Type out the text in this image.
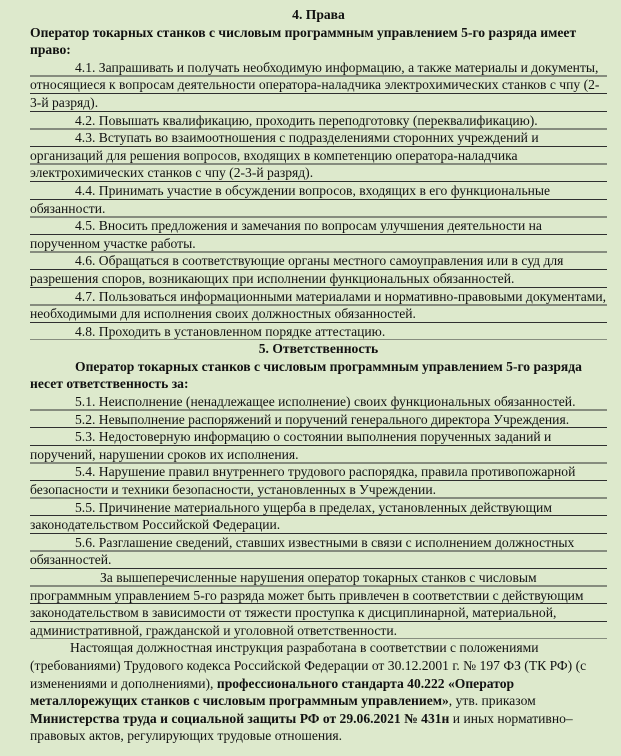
4. Права

Оператор токарных станков с числовым программным управлением 5-го разряда имеет право:

4.1. Запрашивать и получать необходимую информацию, а также материалы и документы, относящиеся к вопросам деятельности оператора-наладчика электрохимических станков с чпу (2-3-й разряд).

4.2. Повышать квалификацию, проходить переподготовку (переквалификацию).

4.3. Вступать во взаимоотношения с подразделениями сторонних учреждений и организаций для решения вопросов, входящих в компетенцию оператора-наладчика электрохимических станков с чпу (2-3-й разряд).

4.4. Принимать участие в обсуждении вопросов, входящих в его функциональные обязанности.

4.5. Вносить предложения и замечания по вопросам улучшения деятельности на порученном участке работы.

4.6. Обращаться в соответствующие органы местного самоуправления или в суд для разрешения споров, возникающих при исполнении функциональных обязанностей.

4.7. Пользоваться информационными материалами и нормативно-правовыми документами, необходимыми для исполнения своих должностных обязанностей.

4.8. Проходить в установленном порядке аттестацию.

5. Ответственность

Оператор токарных станков с числовым программным управлением 5-го разряда несет ответственность за:

5.1. Неисполнение (ненадлежащее исполнение) своих функциональных обязанностей.

5.2. Невыполнение распоряжений и поручений генерального директора Учреждения.

5.3. Недостоверную информацию о состоянии выполнения порученных заданий и поручений, нарушении сроков их исполнения.

5.4. Нарушение правил внутреннего трудового распорядка, правила противопожарной безопасности и техники безопасности, установленных в Учреждении.

5.5. Причинение материального ущерба в пределах, установленных действующим законодательством Российской Федерации.

5.6. Разглашение сведений, ставших известными в связи с исполнением должностных обязанностей.

За вышеперечисленные нарушения оператор токарных станков с числовым программным управлением 5-го разряда может быть привлечен в соответствии с действующим законодательством в зависимости от тяжести проступка к дисциплинарной, материальной, административной, гражданской и уголовной ответственности.

Настоящая должностная инструкция разработана в соответствии с положениями (требованиями) Трудового кодекса Российской Федерации от 30.12.2001 г. № 197 ФЗ (ТК РФ) (с изменениями и дополнениями), профессионального стандарта 40.222 «Оператор металлорежущих станков с числовым программным управлением», утв. приказом Министерства труда и социальной защиты РФ от 29.06.2021 № 431н и иных нормативно–правовых актов, регулирующих трудовые отношения.
